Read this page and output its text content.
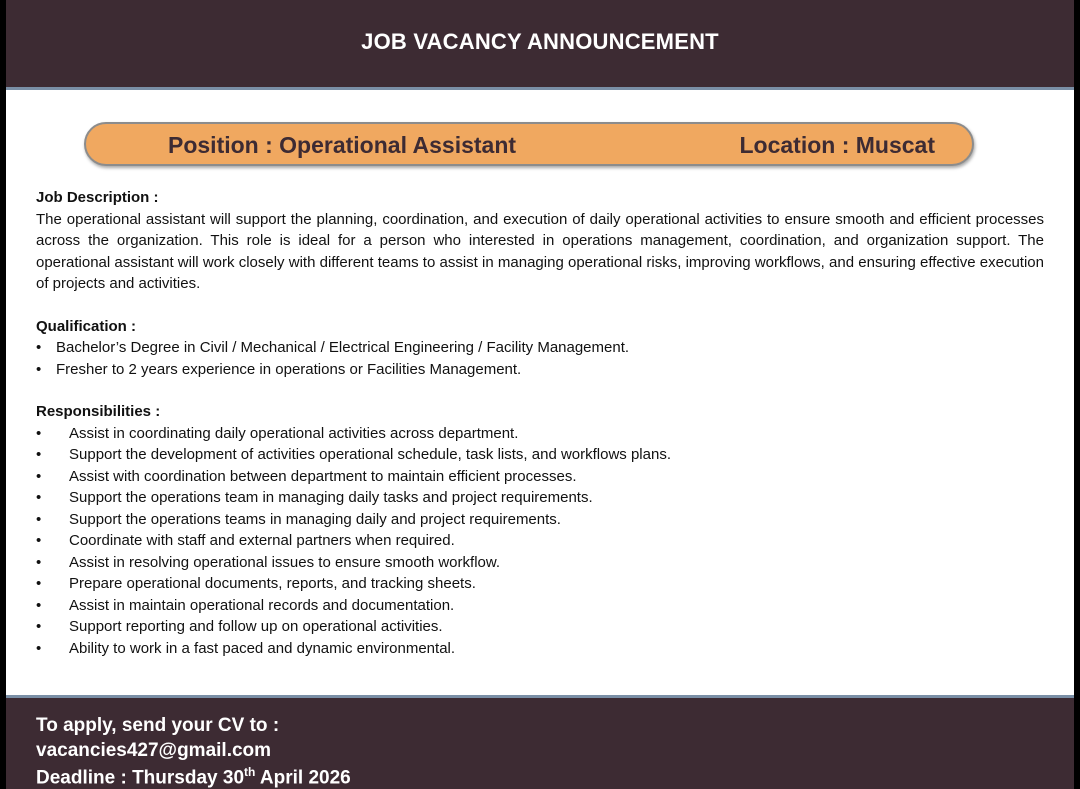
JOB VACANCY ANNOUNCEMENT
Position : Operational Assistant	Location : Muscat

Job Description :

The operational assistant will support the planning, coordination, and execution of daily operational activities to ensure smooth and efficient processes across the organization. This role is ideal for a person who interested in operations management, coordination, and organization support. The operational assistant will work closely with different teams to assist in managing operational risks, improving workflows, and ensuring effective execution of projects and activities.

Qualification :

• Bachelor’s Degree in Civil / Mechanical / Electrical Engineering / Facility Management.
• Fresher to 2 years experience in operations or Facilities Management.

Responsibilities :

• Assist in coordinating daily operational activities across department.
• Support the development of activities operational schedule, task lists, and workflows plans.
• Assist with coordination between department to maintain efficient processes.
• Support the operations team in managing daily tasks and project requirements.
• Support the operations teams in managing daily and project requirements.
• Coordinate with staff and external partners when required.
• Assist in resolving operational issues to ensure smooth workflow.
• Prepare operational documents, reports, and tracking sheets.
• Assist in maintain operational records and documentation.
• Support reporting and follow up on operational activities.
• Ability to work in a fast paced and dynamic environmental.
To apply, send your CV to :
vacancies427@gmail.com
Deadline : Thursday 30th April 2026
